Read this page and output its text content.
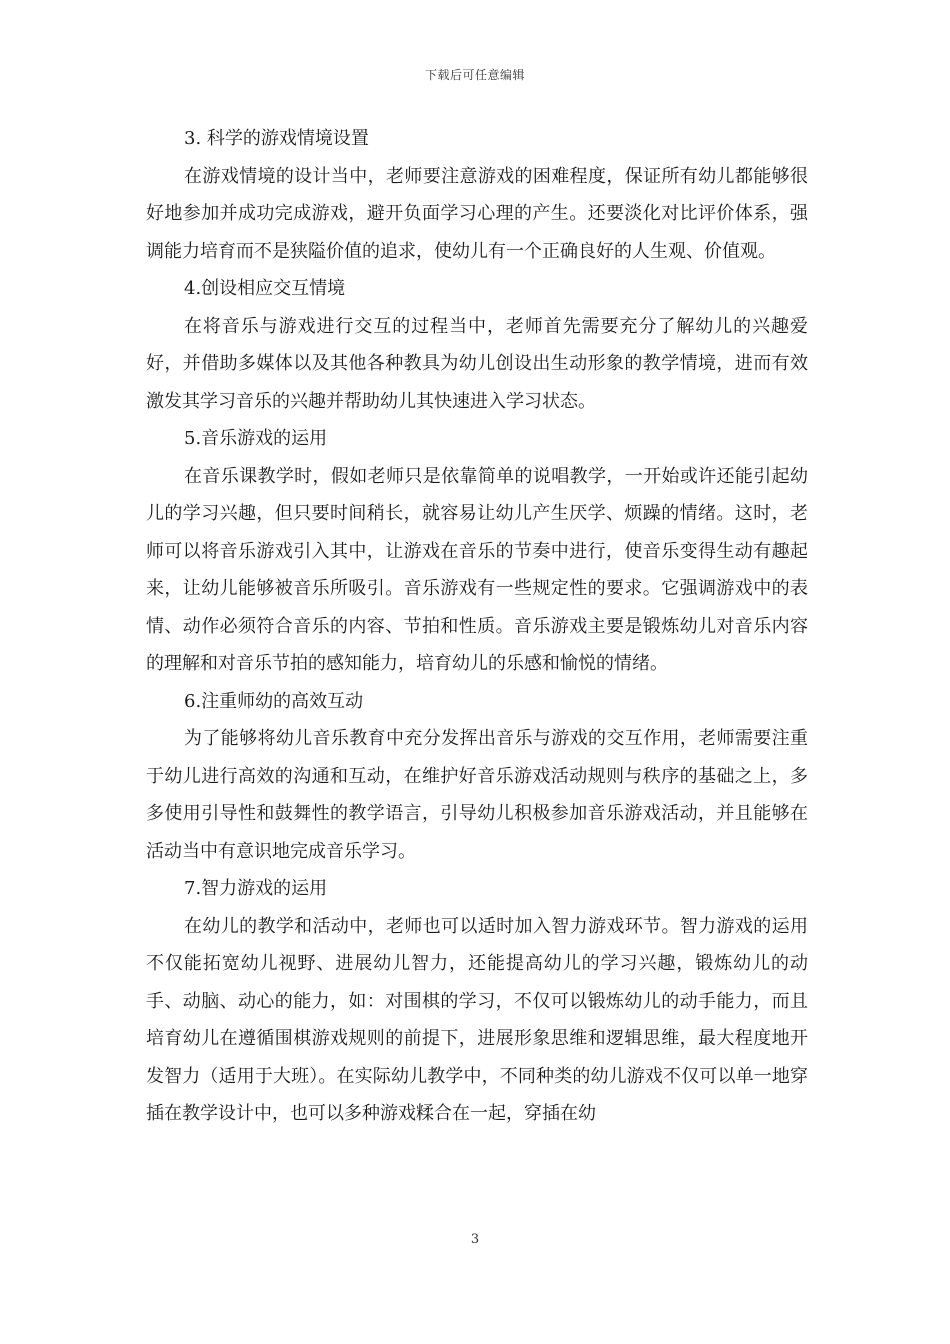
下载后可任意编辑

3. 科学的游戏情境设置

在游戏情境的设计当中，老师要注意游戏的困难程度，保证所有幼儿都能够很好地参加并成功完成游戏，避开负面学习心理的产生。还要淡化对比评价体系，强调能力培育而不是狭隘价值的追求，使幼儿有一个正确良好的人生观、价值观。

4.创设相应交互情境

在将音乐与游戏进行交互的过程当中，老师首先需要充分了解幼儿的兴趣爱好，并借助多媒体以及其他各种教具为幼儿创设出生动形象的教学情境，进而有效激发其学习音乐的兴趣并帮助幼儿其快速进入学习状态。

5.音乐游戏的运用

在音乐课教学时，假如老师只是依靠简单的说唱教学，一开始或许还能引起幼儿的学习兴趣，但只要时间稍长，就容易让幼儿产生厌学、烦躁的情绪。这时，老师可以将音乐游戏引入其中，让游戏在音乐的节奏中进行，使音乐变得生动有趣起来，让幼儿能够被音乐所吸引。音乐游戏有一些规定性的要求。它强调游戏中的表情、动作必须符合音乐的内容、节拍和性质。音乐游戏主要是锻炼幼儿对音乐内容的理解和对音乐节拍的感知能力，培育幼儿的乐感和愉悦的情绪。

6.注重师幼的高效互动

为了能够将幼儿音乐教育中充分发挥出音乐与游戏的交互作用，老师需要注重于幼儿进行高效的沟通和互动，在维护好音乐游戏活动规则与秩序的基础之上，多多使用引导性和鼓舞性的教学语言，引导幼儿积极参加音乐游戏活动，并且能够在活动当中有意识地完成音乐学习。

7.智力游戏的运用

在幼儿的教学和活动中，老师也可以适时加入智力游戏环节。智力游戏的运用不仅能拓宽幼儿视野、进展幼儿智力，还能提高幼儿的学习兴趣，锻炼幼儿的动手、动脑、动心的能力，如：对围棋的学习，不仅可以锻炼幼儿的动手能力，而且培育幼儿在遵循围棋游戏规则的前提下，进展形象思维和逻辑思维，最大程度地开发智力（适用于大班）。在实际幼儿教学中，不同种类的幼儿游戏不仅可以单一地穿插在教学设计中，也可以多种游戏糅合在一起，穿插在幼

3
